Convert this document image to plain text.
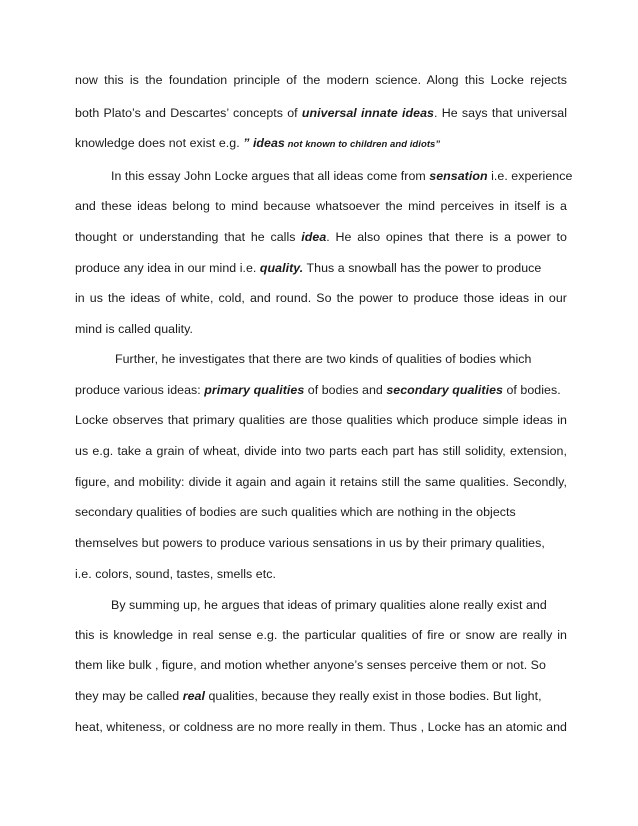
now this is the foundation principle of the modern science. Along this Locke rejects
both Plato’s and Descartes’ concepts of universal innate ideas. He says that universal
knowledge does not exist e.g. ” ideas not known to children and idiots”
In this essay John Locke argues that all ideas come from sensation i.e. experience
and these ideas belong to mind because whatsoever the mind perceives in itself is a
thought or understanding that he calls idea. He also opines that there is a power to
produce any idea in our mind i.e. quality. Thus a snowball has the power to produce
in us the ideas of white, cold, and round. So the power to produce those ideas in our
mind is called quality.
Further, he investigates that there are two kinds of qualities of bodies which
produce various ideas: primary qualities of bodies and secondary qualities of bodies.
Locke observes that primary qualities are those qualities which produce simple ideas in
us e.g. take a grain of wheat, divide into two parts each part has still solidity, extension,
figure, and mobility: divide it again and again it retains still the same qualities. Secondly,
secondary qualities of bodies are such qualities which are nothing in the objects
themselves but powers to produce various sensations in us by their primary qualities,
i.e. colors, sound, tastes, smells etc.
By summing up, he argues that ideas of primary qualities alone really exist and
this is knowledge in real sense e.g. the particular qualities of fire or snow are really in
them like bulk , figure, and motion whether anyone’s senses perceive them or not. So
they may be called real qualities, because they really exist in those bodies. But light,
heat, whiteness, or coldness are no more really in them. Thus , Locke has an atomic and
